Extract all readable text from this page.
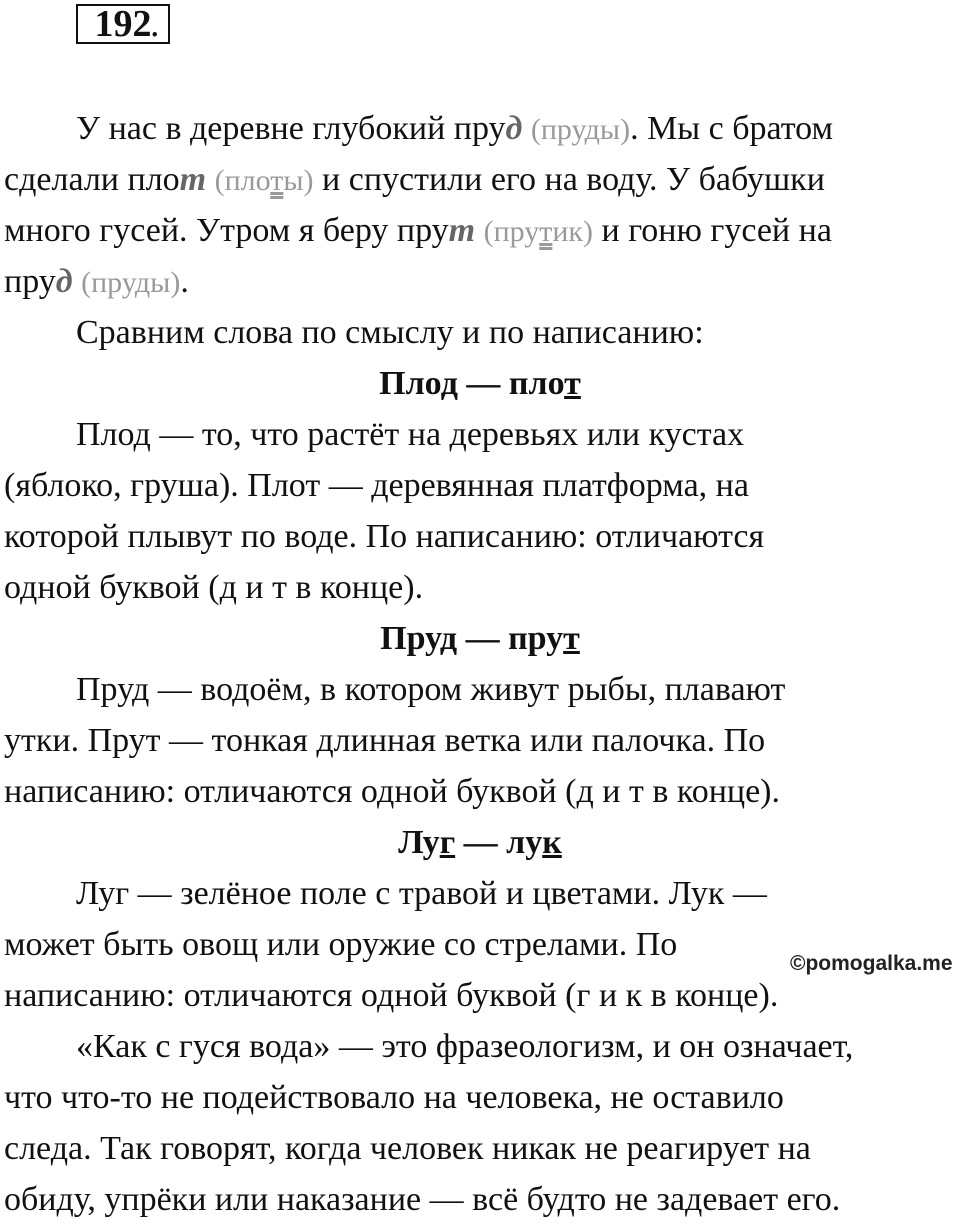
192
.
У нас в деревне глубокий пруд (пруды). Мы с братом
сделали плот (плоты) и спустили его на воду. У бабушки
много гусей. Утром я беру прут (прутик) и гоню гусей на
пруд (пруды).
Сравним слова по смыслу и по написанию:
Плод — плот
Плод — то, что растёт на деревьях или кустах
(яблоко, груша). Плот — деревянная платформа, на
которой плывут по воде. По написанию: отличаются
одной буквой (д и т в конце).
Пруд — прут
Пруд — водоём, в котором живут рыбы, плавают
утки. Прут — тонкая длинная ветка или палочка. По
написанию: отличаются одной буквой (д и т в конце).
Луг — лук
Луг — зелёное поле с травой и цветами. Лук —
может быть овощ или оружие со стрелами. По
написанию: отличаются одной буквой (г и к в конце).
«Как с гуся вода» — это фразеологизм, и он означает,
что что-то не подействовало на человека, не оставило
следа. Так говорят, когда человек никак не реагирует на
обиду, упрёки или наказание — всё будто не задевает его.
©pomogalka.me
